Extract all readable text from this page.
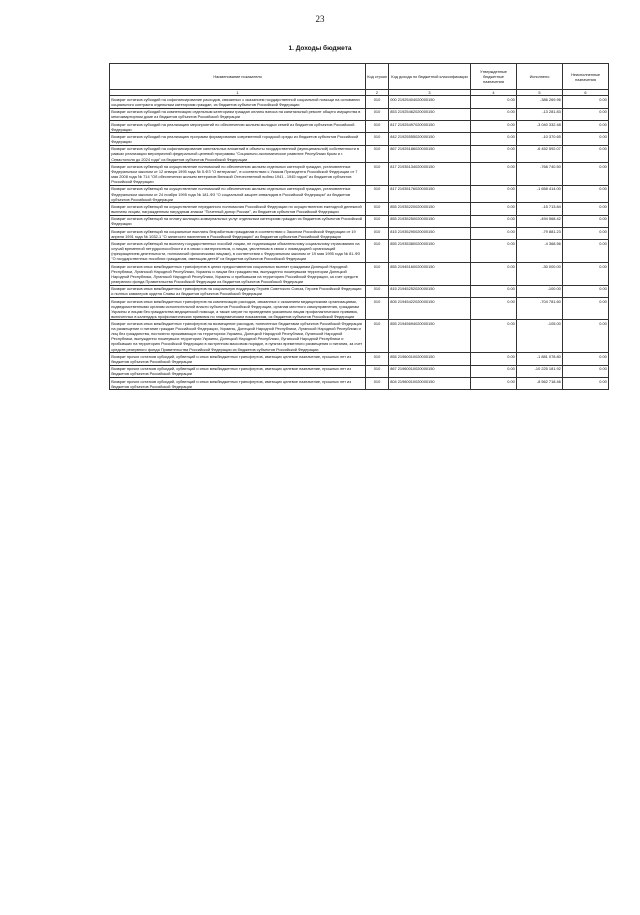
23
1. Доходы бюджета
Наименование показателя	Код строки	Код дохода по бюджетной классификации	Утвержденные бюджетные назначения	Исполнено	Неисполненные назначения
1	2	3	4	5	6
Возврат остатков субсидий на софинансирование расходов, связанных с оказанием государственной социальной помощи на основании социального контракта отдельным категориям граждан, из бюджетов субъектов Российской Федерации	010	000 21925404020000150	0.00	-386 269.96	0.00
Возврат остатков субсидий на компенсацию отдельным категориям граждан оплаты взноса на капитальный ремонт общего имущества в многоквартирном доме из бюджетов субъектов Российской Федерации	010	853 21925462020000150	0.00	-13 281.83	0.00
Возврат остатков субсидий на реализацию мероприятий по обеспечению жильем молодых семей из бюджетов субъектов Российской Федерации	010	817 21925497020000150	0.00	-3 040 332.48	0.00
Возврат остатков субсидий на реализацию программ формирования современной городской среды из бюджетов субъектов Российской Федерации	010	842 21925555020000150	0.00	-10 370.65	0.00
Возврат остатков субсидий на софинансирование капитальных вложений в объекты государственной (муниципальной) собственности в рамках реализации мероприятий федеральной целевой программы "Социально-экономическое развитие Республики Крым и г. Севастополя до 2024 года" из бюджетов субъектов Российской Федерации	010	867 21925186020000150	0.00	-6 452 592.07	0.00
Возврат остатков субвенций на осуществление полномочий по обеспечению жильем отдельных категорий граждан, установленных Федеральным законом от 12 января 1995 года № 5-ФЗ "О ветеранах", в соответствии с Указом Президента Российской Федерации от 7 мая 2008 года № 714 "Об обеспечении жильем ветеранов Великой Отечественной войны 1941 - 1945 годов" из бюджетов субъектов Российской Федерации	010	817 21935134020000150	0.00	-768 740.50	0.00
Возврат остатков субвенций на осуществление полномочий по обеспечению жильем отдельных категорий граждан, установленных Федеральным законом от 24 ноября 1995 года № 181-ФЗ "О социальной защите инвалидов в Российской Федерации" из бюджетов субъектов Российской Федерации	010	817 21935176020000150	0.00	-1 658 414.00	0.00
Возврат остатков субвенций на осуществление переданного полномочия Российской Федерации по осуществлению ежегодной денежной выплаты лицам, награжденным нагрудным знаком "Почетный донор России", из бюджетов субъектов Российской Федерации	010	855 21935220020000150	0.00	-15 713.84	0.00
Возврат остатков субвенций на оплату жилищно-коммунальных услуг отдельным категориям граждан из бюджетов субъектов Российской Федерации	010	855 21935250020000150	0.00	-494 568.42	0.00
Возврат остатков субвенций на социальные выплаты безработным гражданам в соответствии с Законом Российской Федерации от 19 апреля 1991 года № 1032-1 "О занятости населения в Российской Федерации" из бюджетов субъектов Российской Федерации	010	815 21935290020000150	0.00	-79 881.23	0.00
Возврат остатков субвенций на выплату государственных пособий лицам, не подлежащим обязательному социальному страхованию на случай временной нетрудоспособности и в связи с материнством, и лицам, уволенным в связи с ликвидацией организаций (прекращением деятельности, полномочий физическими лицами), в соответствии с Федеральным законом от 19 мая 1995 года № 81-ФЗ "О государственных пособиях гражданам, имеющим детей" из бюджетов субъектов Российской Федерации	010	855 21935380020000150	0.00	-4 368.56	0.00
Возврат остатков иных межбюджетных трансфертов в целях предоставления социальных выплат гражданам Донецкой Народной Республики, Луганской Народной Республики, Украины и лицам без гражданства, вынужденно покинувшим территории Донецкой Народной Республики, Луганской Народной Республики, Украины и прибывшим на территорию Российской Федерации, за счет средств резервного фонда Правительства Российской Федерации из бюджетов субъектов Российской Федерации	010	855 21945160020000150	0.00	-30 000.00	0.00
Возврат остатков иных межбюджетных трансфертов на социальную поддержку Героев Советского Союза, Героев Российской Федерации и полных кавалеров ордена Славы из бюджетов субъектов Российской Федерации	010	815 21945252020000150	0.00	-100.00	0.00
Возврат остатков иных межбюджетных трансфертов на компенсацию расходов, связанных с оказанием медицинскими организациями, подведомственными органам исполнительной власти субъектов Российской Федерации, органам местного самоуправления, гражданам Украины и лицам без гражданства медицинской помощи, а также затрат по проведению указанным лицам профилактических прививок, включенных в календарь профилактических прививок по эпидемическим показаниям, из бюджетов субъектов Российской Федерации	010	805 21945422020000150	0.00	-704 781.60	0.00
Возврат остатков иных межбюджетных трансфертов на возмещение расходов, понесенных бюджетами субъектов Российской Федерации на размещение и питание граждан Российской Федерации, Украины, Донецкой Народной Республики, Луганской Народной Республики и лиц без гражданства, постоянно проживающих на территориях Украины, Донецкой Народной Республики, Луганской Народной Республики, вынужденно покинувших территории Украины, Донецкой Народной Республики, Луганской Народной Республики и прибывших на территорию Российской Федерации в экстренном массовом порядке, в пунктах временного размещения и питания, за счет средств резервного фонда Правительства Российской Федерации из бюджетов субъектов Российской Федерации	010	855 21945694020000150	0.00	-105.00	0.00
Возврат прочих остатков субсидий, субвенций и иных межбюджетных трансфертов, имеющих целевое назначение, прошлых лет из бюджетов субъектов Российской Федерации	010	855 21960010020000150	0.00	-1 881 078.80	0.00
Возврат прочих остатков субсидий, субвенций и иных межбюджетных трансфертов, имеющих целевое назначение, прошлых лет из бюджетов субъектов Российской Федерации	010	867 21960010020000150	0.00	-10 225 181.92	0.00
Возврат прочих остатков субсидий, субвенций и иных межбюджетных трансфертов, имеющих целевое назначение, прошлых лет из бюджетов субъектов Российской Федерации	010	804 21960010020000150	0.00	-8 562 718.46	0.00
